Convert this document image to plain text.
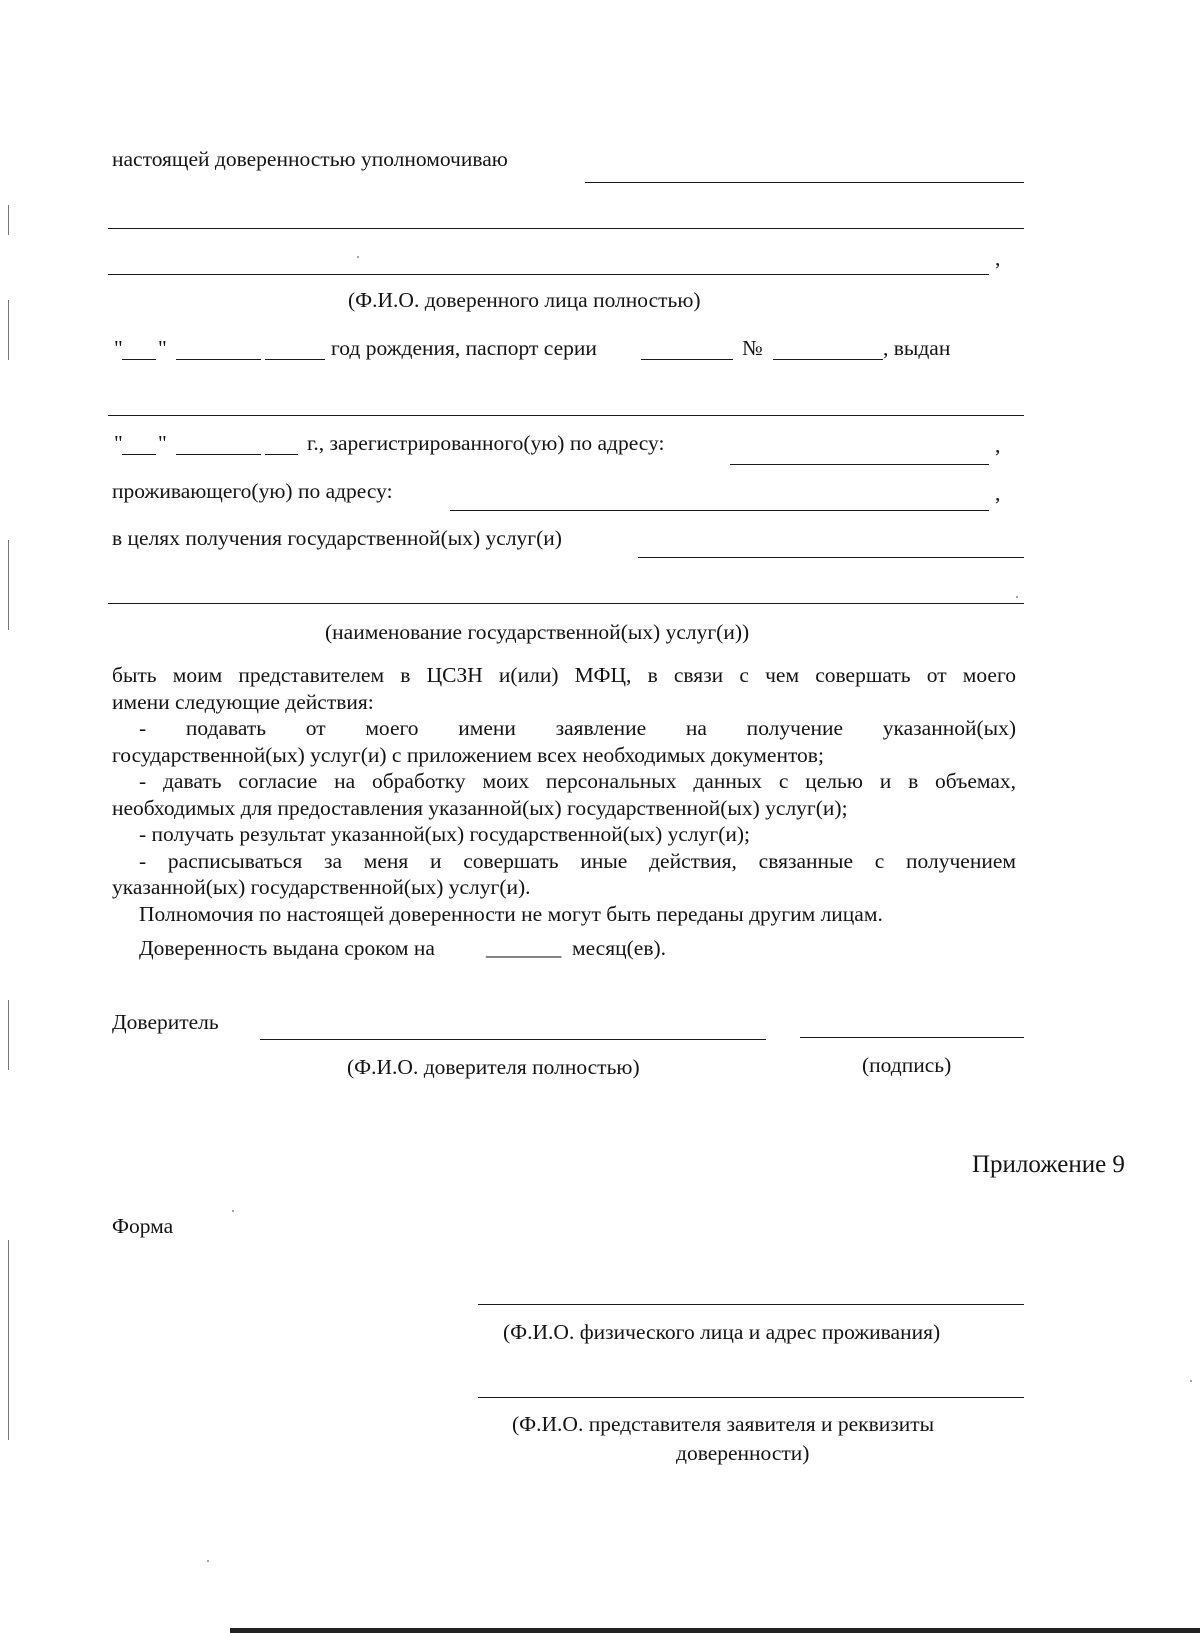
настоящей доверенностью уполномочиваю
,
(Ф.И.О. доверенного лица полностью)
" "	год рождения, паспорт серии	№	, выдан
" "	г., зарегистрированного(ую) по адресу:	,
проживающего(ую) по адресу:	,
в целях получения государственной(ых) услуг(и)
(наименование государственной(ых) услуг(и))
быть моим представителем в ЦСЗН и(или) МФЦ, в связи с чем совершать от моего
имени следующие действия:
- подавать от моего имени заявление на получение указанной(ых)
государственной(ых) услуг(и) с приложением всех необходимых документов;
- давать согласие на обработку моих персональных данных с целью и в объемах,
необходимых для предоставления указанной(ых) государственной(ых) услуг(и);
- получать результат указанной(ых) государственной(ых) услуг(и);
- расписываться за меня и совершать иные действия, связанные с получением
указанной(ых) государственной(ых) услуг(и).
Полномочия по настоящей доверенности не могут быть переданы другим лицам.
Доверенность выдана сроком на _______ месяц(ев).
Доверитель
(Ф.И.О. доверителя полностью)	(подпись)
Приложение 9
Форма
(Ф.И.О. физического лица и адрес проживания)
(Ф.И.О. представителя заявителя и реквизиты
доверенности)
